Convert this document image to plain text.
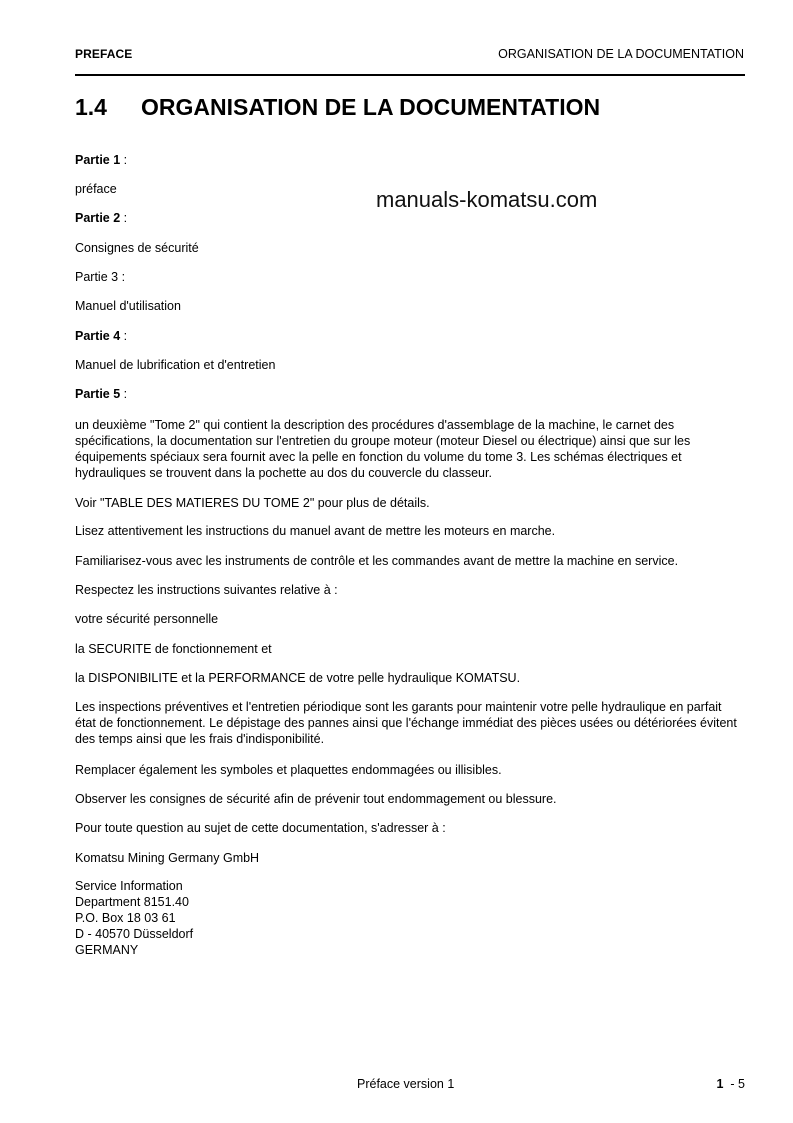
PREFACE	ORGANISATION DE LA DOCUMENTATION
1.4 ORGANISATION DE LA DOCUMENTATION
manuals-komatsu.com
Partie 1 :
préface
Partie 2 :
Consignes de sécurité
Partie 3 :
Manuel d'utilisation
Partie 4 :
Manuel de lubrification et d'entretien
Partie 5 :

un deuxième "Tome 2" qui contient la description des procédures d'assemblage de la machine, le carnet des spécifications, la documentation sur l'entretien du groupe moteur (moteur Diesel ou électrique) ainsi que sur les équipements spéciaux sera fournit avec la pelle en fonction du volume du tome 3. Les schémas électriques et hydrauliques se trouvent dans la pochette au dos du couvercle du classeur.

Voir "TABLE DES MATIERES DU TOME 2" pour plus de détails.

Lisez attentivement les instructions du manuel avant de mettre les moteurs en marche.

Familiarisez-vous avec les instruments de contrôle et les commandes avant de mettre la machine en service.

Respectez les instructions suivantes relative à :

votre sécurité personnelle

la SECURITE de fonctionnement et

la DISPONIBILITE et la PERFORMANCE de votre pelle hydraulique KOMATSU.

Les inspections préventives et l'entretien périodique sont les garants pour maintenir votre pelle hydraulique en parfait état de fonctionnement. Le dépistage des pannes ainsi que l'échange immédiat des pièces usées ou détériorées évitent des temps ainsi que les frais d'indisponibilité.

Remplacer également les symboles et plaquettes endommagées ou illisibles.

Observer les consignes de sécurité afin de prévenir tout endommagement ou blessure.

Pour toute question au sujet de cette documentation, s'adresser à :

Komatsu Mining Germany GmbH

Service Information
Department 8151.40
P.O. Box 18 03 61
D - 40570 Düsseldorf
GERMANY
Préface version 1	1  - 5
